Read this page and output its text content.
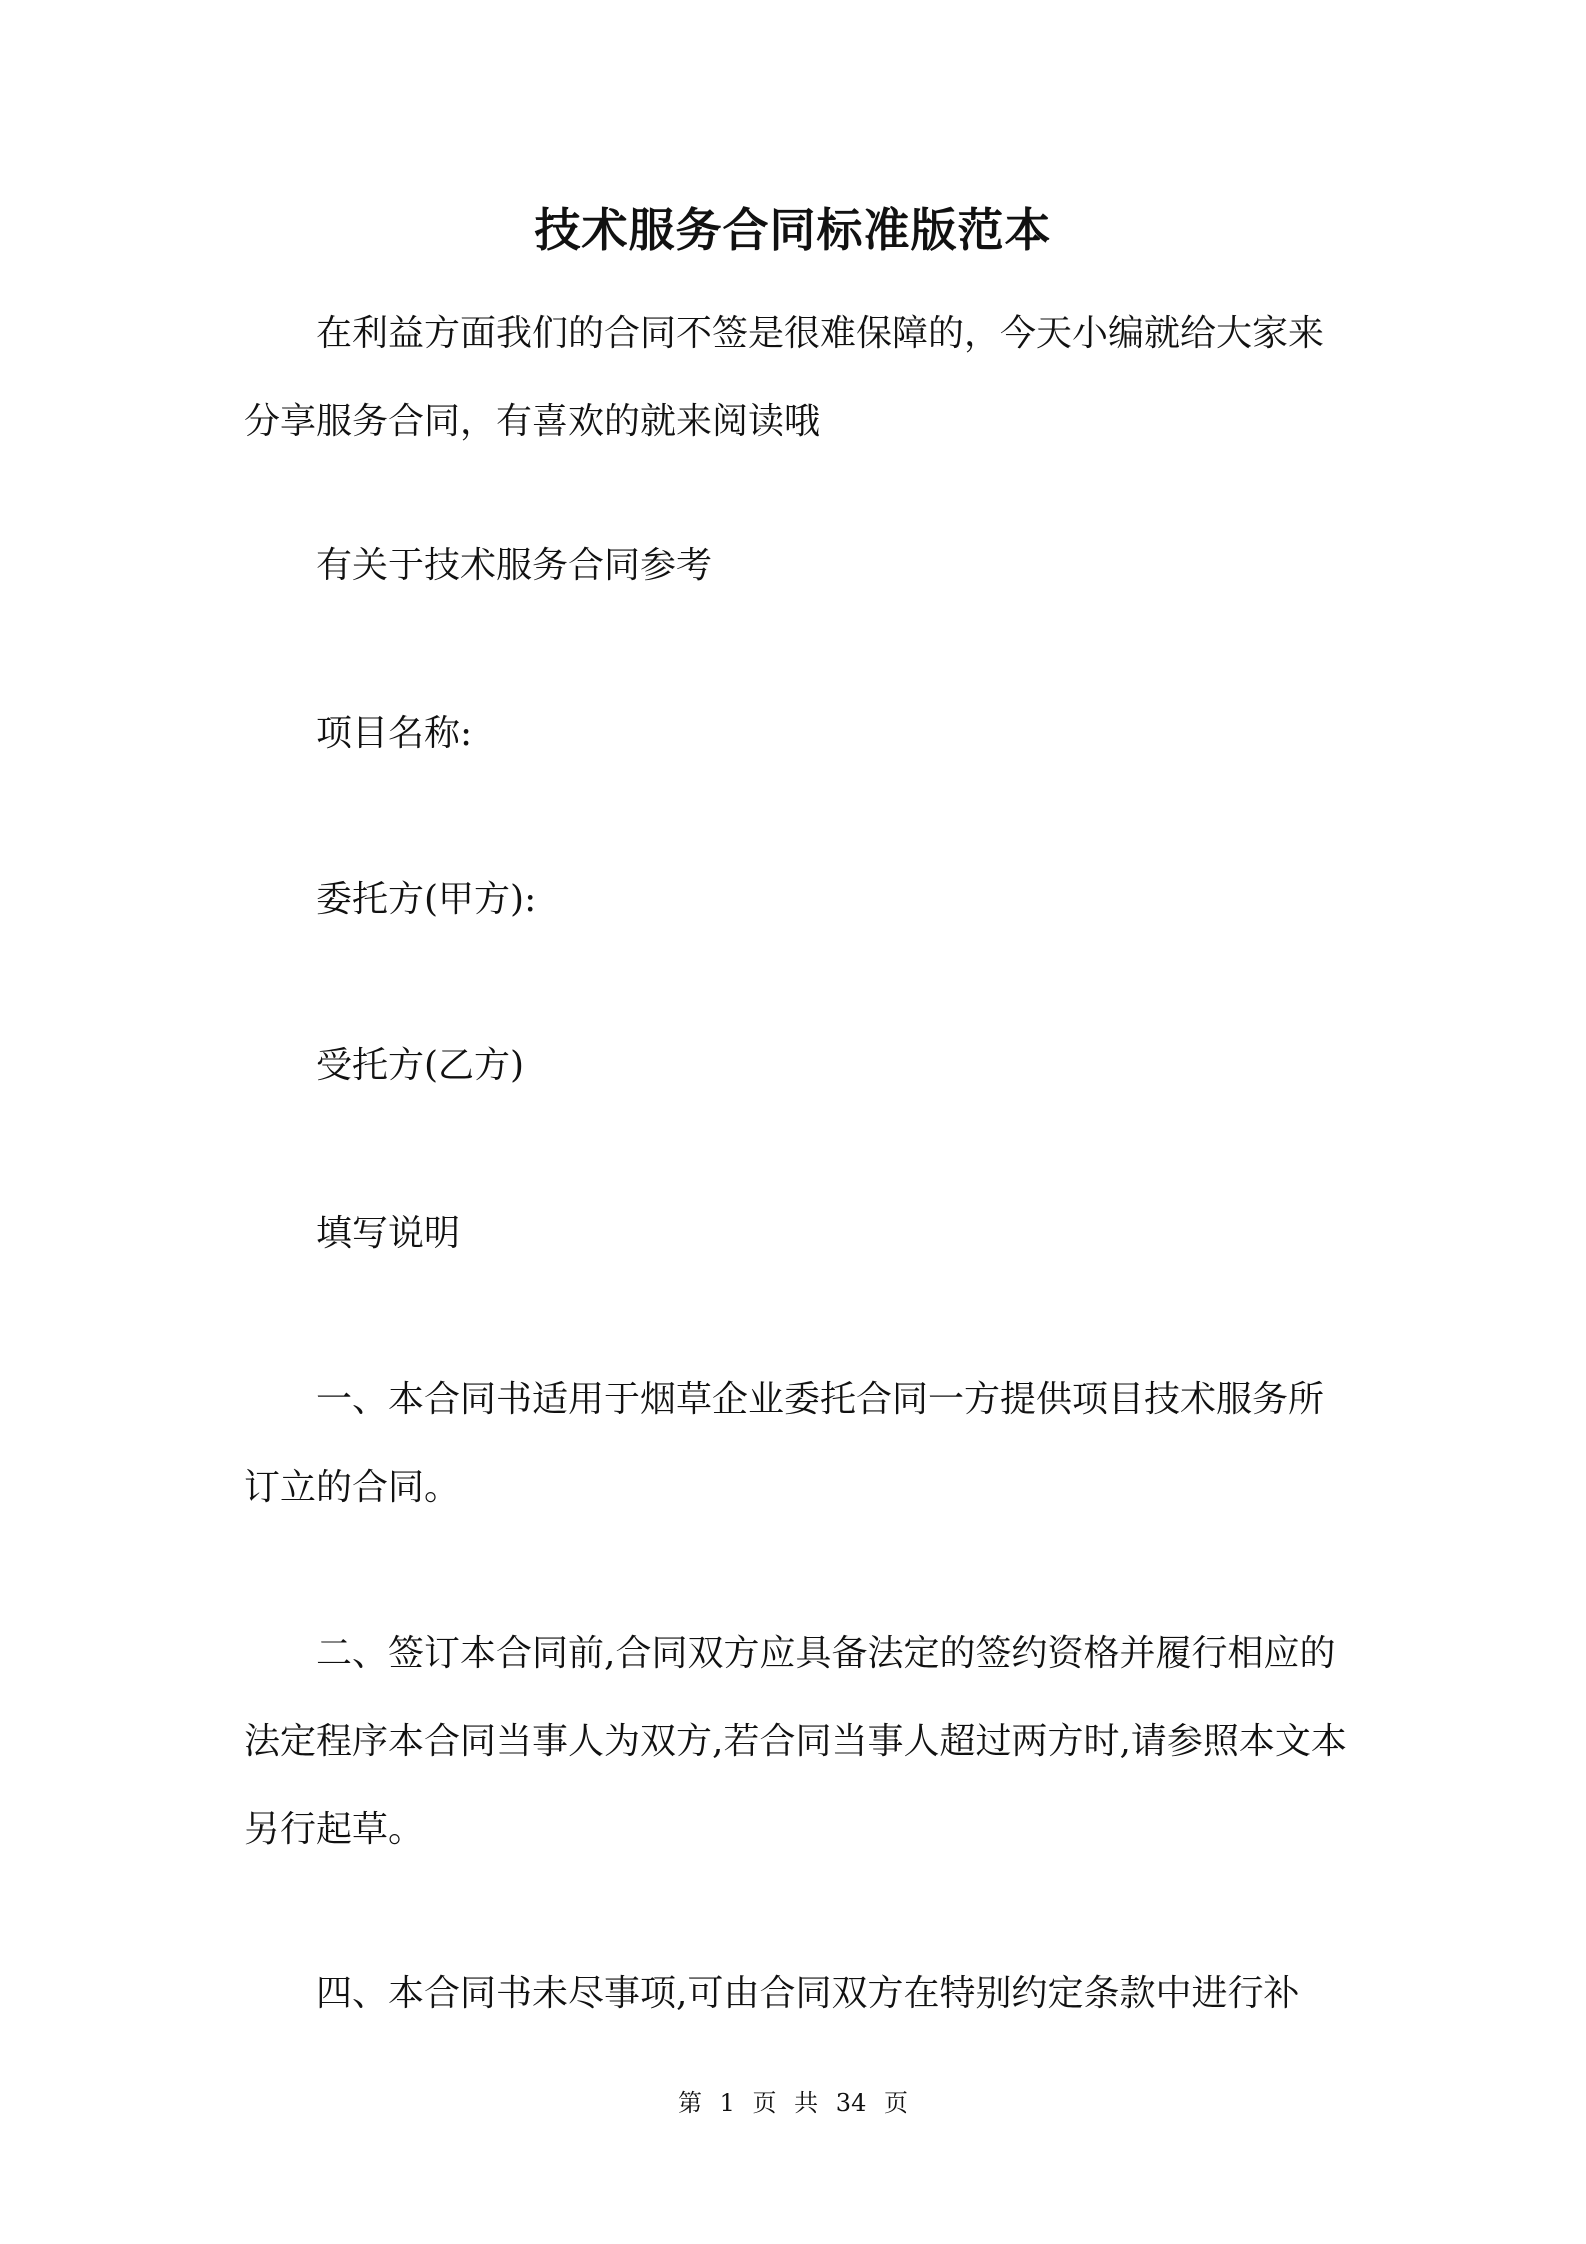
技术服务合同标准版范本

在利益方面我们的合同不签是很难保障的，今天小编就给大家来分享服务合同，有喜欢的就来阅读哦

有关于技术服务合同参考

项目名称:

委托方(甲方):

受托方(乙方)

填写说明

一、本合同书适用于烟草企业委托合同一方提供项目技术服务所订立的合同。

二、签订本合同前,合同双方应具备法定的签约资格并履行相应的法定程序本合同当事人为双方,若合同当事人超过两方时,请参照本文本另行起草。

四、本合同书未尽事项,可由合同双方在特别约定条款中进行补

第 1 页 共 34 页
